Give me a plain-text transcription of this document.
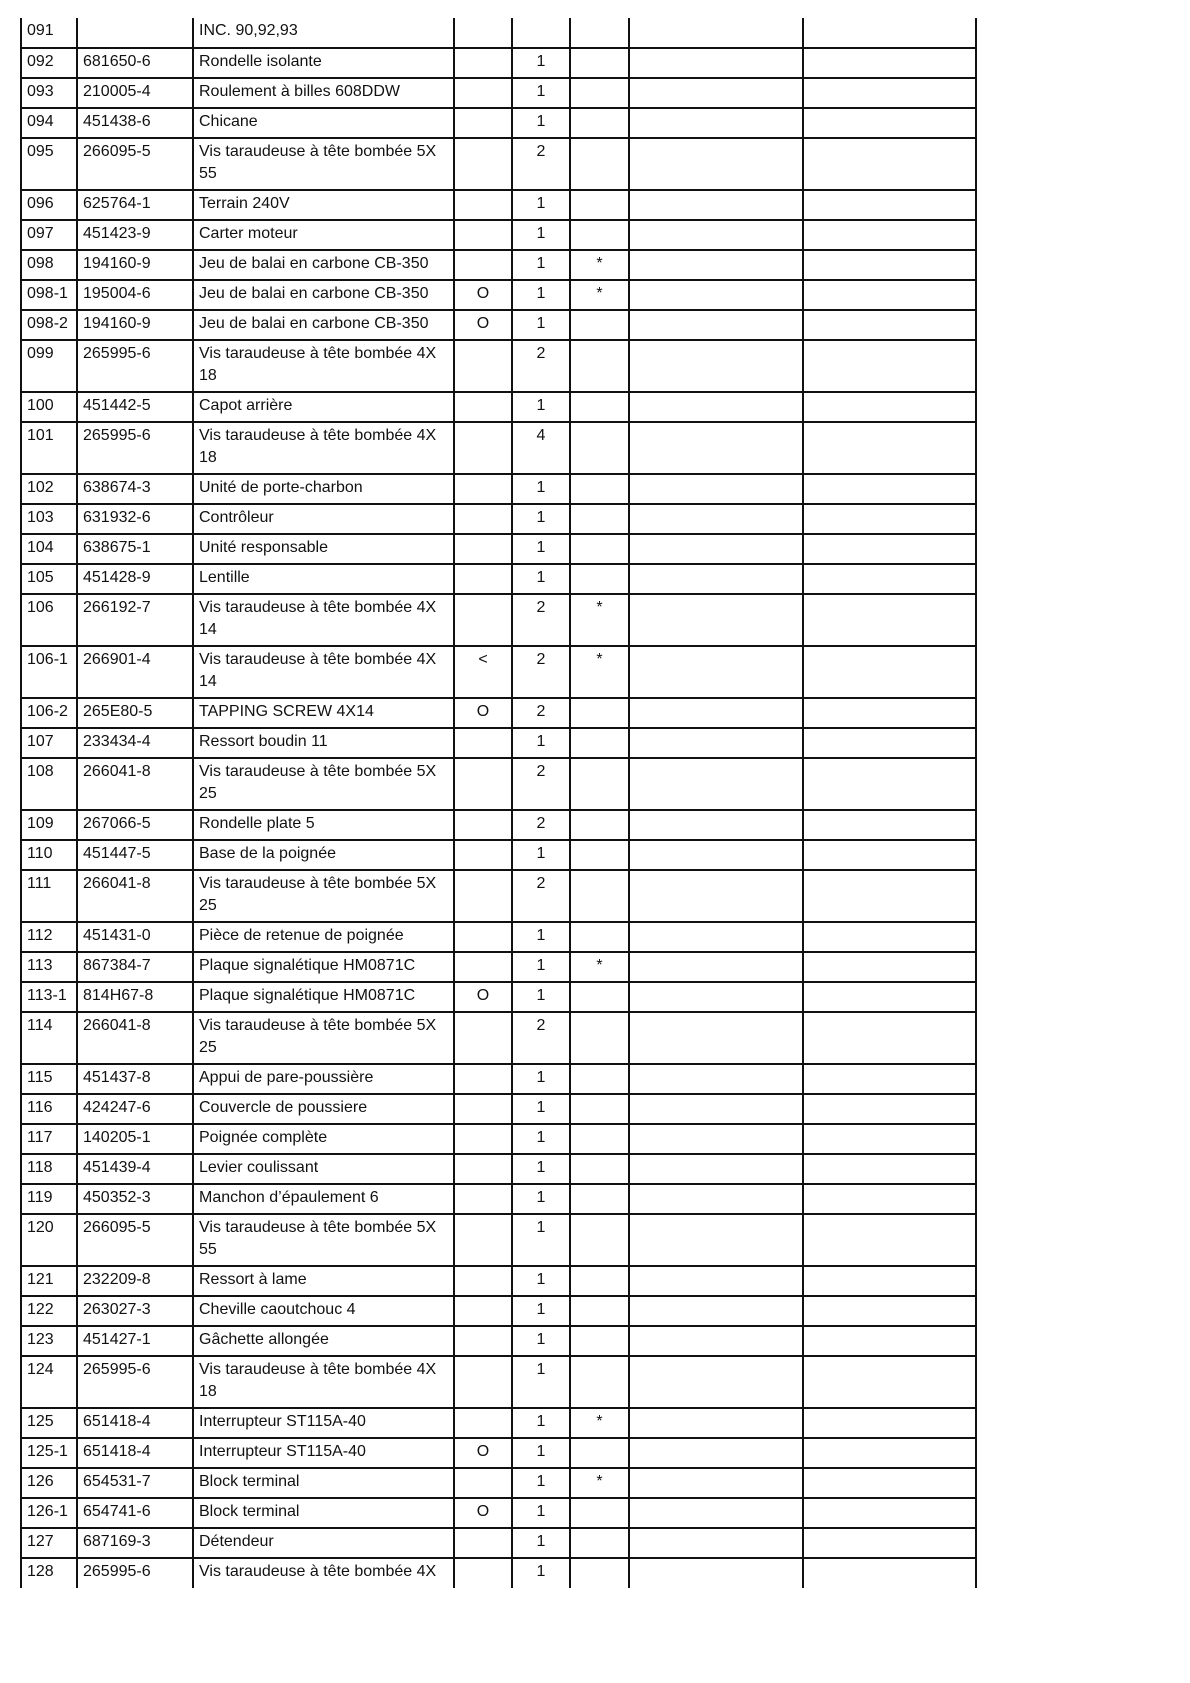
091		INC. 90,92,93					
092	681650-6	Rondelle isolante		1			
093	210005-4	Roulement à billes 608DDW		1			
094	451438-6	Chicane		1			
095	266095-5	Vis taraudeuse à tête bombée 5X 55		2			
096	625764-1	Terrain 240V		1			
097	451423-9	Carter moteur		1			
098	194160-9	Jeu de balai en carbone CB-350		1	*		
098-1	195004-6	Jeu de balai en carbone CB-350	O	1	*		
098-2	194160-9	Jeu de balai en carbone CB-350	O	1			
099	265995-6	Vis taraudeuse à tête bombée 4X 18		2			
100	451442-5	Capot arrière		1			
101	265995-6	Vis taraudeuse à tête bombée 4X 18		4			
102	638674-3	Unité de porte-charbon		1			
103	631932-6	Contrôleur		1			
104	638675-1	Unité responsable		1			
105	451428-9	Lentille		1			
106	266192-7	Vis taraudeuse à tête bombée 4X 14		2	*		
106-1	266901-4	Vis taraudeuse à tête bombée 4X 14	<	2	*		
106-2	265E80-5	TAPPING SCREW 4X14	O	2			
107	233434-4	Ressort boudin 11		1			
108	266041-8	Vis taraudeuse à tête bombée 5X 25		2			
109	267066-5	Rondelle plate 5		2			
110	451447-5	Base de la poignée		1			
111	266041-8	Vis taraudeuse à tête bombée 5X 25		2			
112	451431-0	Pièce de retenue de poignée		1			
113	867384-7	Plaque signalétique HM0871C		1	*		
113-1	814H67-8	Plaque signalétique HM0871C	O	1			
114	266041-8	Vis taraudeuse à tête bombée 5X 25		2			
115	451437-8	Appui de pare-poussière		1			
116	424247-6	Couvercle de poussiere		1			
117	140205-1	Poignée complète		1			
118	451439-4	Levier coulissant		1			
119	450352-3	Manchon d’épaulement 6		1			
120	266095-5	Vis taraudeuse à tête bombée 5X 55		1			
121	232209-8	Ressort à lame		1			
122	263027-3	Cheville caoutchouc 4		1			
123	451427-1	Gâchette allongée		1			
124	265995-6	Vis taraudeuse à tête bombée 4X 18		1			
125	651418-4	Interrupteur ST115A-40		1	*		
125-1	651418-4	Interrupteur ST115A-40	O	1			
126	654531-7	Block terminal		1	*		
126-1	654741-6	Block terminal	O	1			
127	687169-3	Détendeur		1			
128	265995-6	Vis taraudeuse à tête bombée 4X		1			
